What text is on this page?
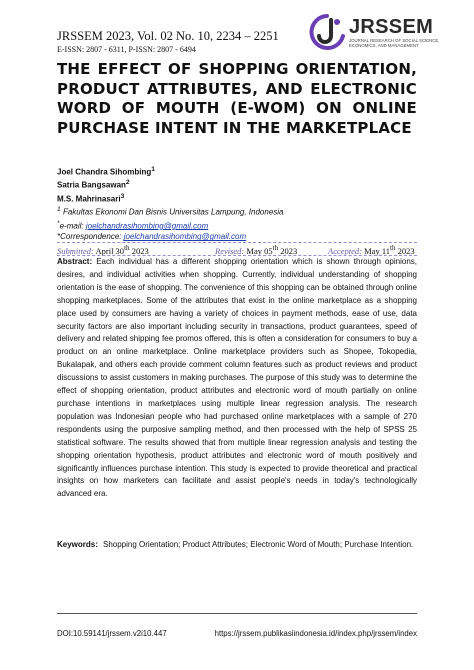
JRSSEM 2023, Vol. 02 No. 10, 2234 – 2251
E-ISSN: 2807 - 6311, P-ISSN: 2807 - 6494
JRSSEM
JOURNAL RESEARCH OF SOCIAL SCIENCE, ECONOMICS, AND MANAGEMENT
THE EFFECT OF SHOPPING ORIENTATION, PRODUCT ATTRIBUTES, AND ELECTRONIC WORD OF MOUTH (E-WOM) ON ONLINE PURCHASE INTENT IN THE MARKETPLACE
Joel Chandra Sihombing$^1$
Satria Bangsawan$^2$
M.S. Mahrinasari$^3$
$^1$ Fakultas Ekonomi Dan Bisnis Universitas Lampung, Indonesia
*e-mail: joelchandrasihombing@gmail.com
*Correspondence: joelchandrasihombing@gmail.com
Submitted: April 30th 2023	Revised: May 05th 2023	Accepted: May 11th 2023
Abstract: Each individual has a different shopping orientation which is shown through opinions, desires, and individual activities when shopping. Currently, individual understanding of shopping orientation is the ease of shopping. The convenience of this shopping can be obtained through online shopping marketplaces. Some of the attributes that exist in the online marketplace as a shopping place used by consumers are having a variety of choices in payment methods, ease of use, data security factors are also important including security in transactions, product guarantees, speed of delivery and related shipping fee promos offered, this is often a consideration for consumers to buy a product on an online marketplace. Online marketplace providers such as Shopee, Tokopedia, Bukalapak, and others each provide comment column features such as product reviews and product discussions to assist customers in making purchases. The purpose of this study was to determine the effect of shopping orientation, product attributes and electronic word of mouth partially on online purchase intentions in marketplaces using multiple linear regression analysis. The research population was Indonesian people who had purchased online marketplaces with a sample of 270 respondents using the purposive sampling method, and then processed with the help of SPSS 25 statistical software. The results showed that from multiple linear regression analysis and testing the shopping orientation hypothesis, product attributes and electronic word of mouth positively and significantly influences purchase intention. This study is expected to provide theoretical and practical insights on how marketers can facilitate and assist people's needs in today's technologically advanced era.
Keywords: Shopping Orientation; Product Attributes; Electronic Word of Mouth; Purchase Intention.
DOI:10.59141/jrssem.v2i10.447	https://jrssem.publikasiindonesia.id/index.php/jrssem/index
